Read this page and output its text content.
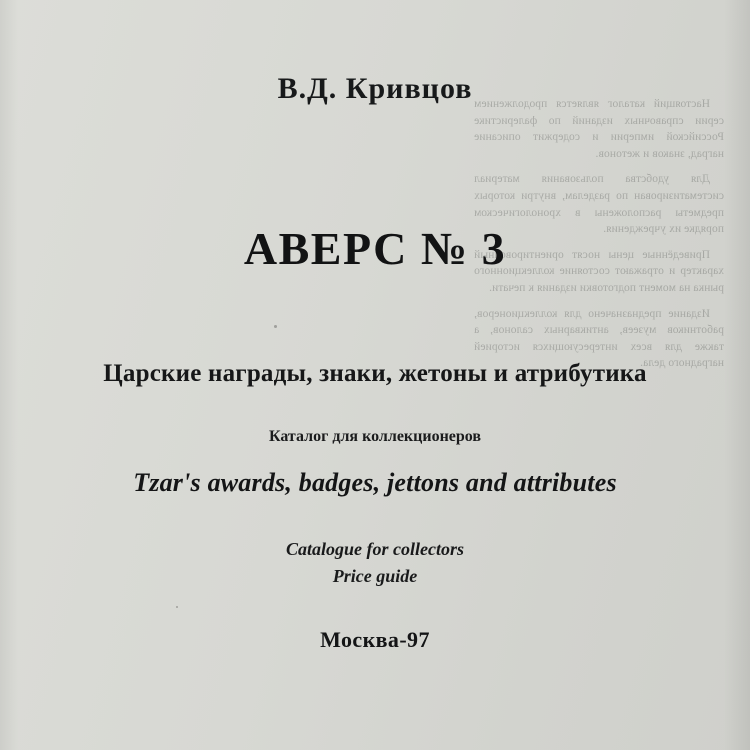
Настоящий каталог является продолжением серии справочных изданий по фалеристике Российской империи и содержит описание наград, знаков и жетонов.

Для удобства пользования материал систематизирован по разделам, внутри которых предметы расположены в хронологическом порядке их учреждения.

Приведённые цены носят ориентировочный характер и отражают состояние коллекционного рынка на момент подготовки издания к печати.

Издание предназначено для коллекционеров, работников музеев, антикварных салонов, а также для всех интересующихся историей наградного дела.

В.Д. Кривцов
АВЕРС № 3
Царские награды, знаки, жетоны и атрибутика
Каталог для коллекционеров
Tzar's awards, badges, jettons and attributes
Catalogue for collectors
Price guide
Москва-97
